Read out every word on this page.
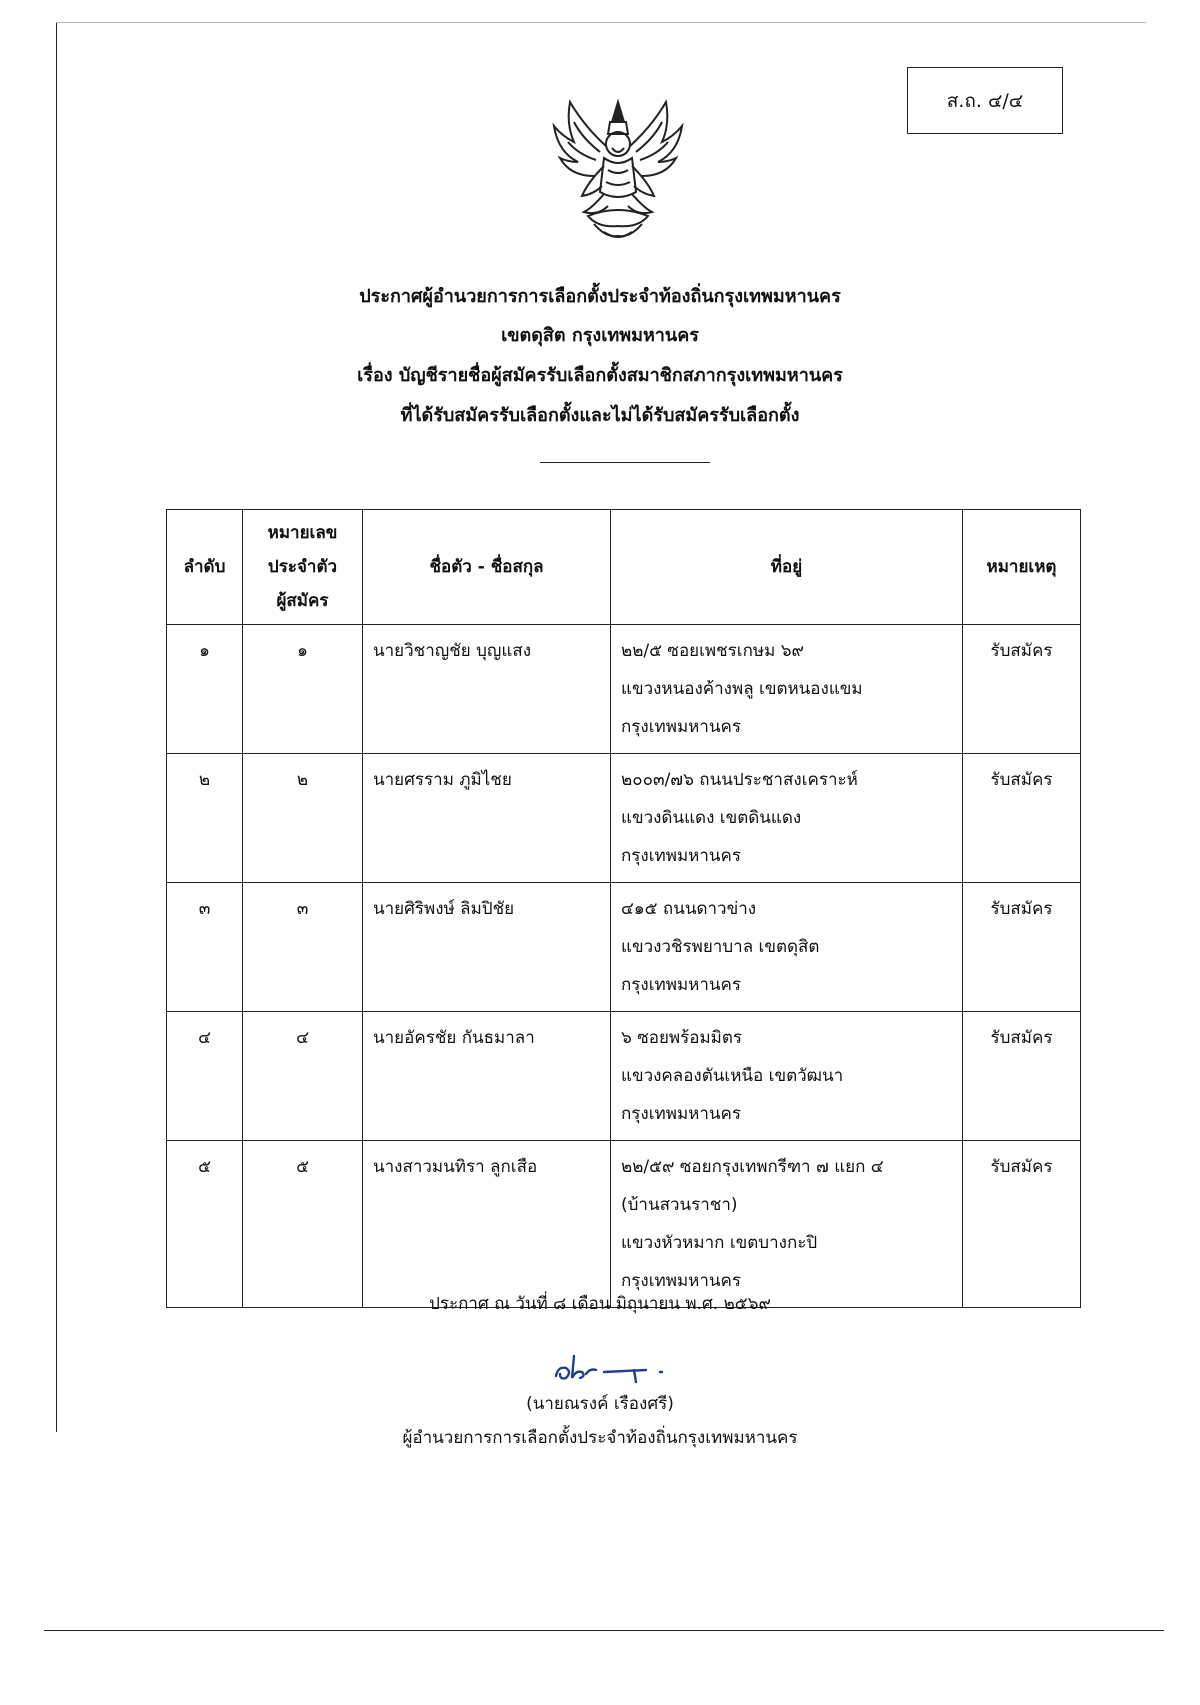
ส.ถ. ๔/๔
ประกาศผู้อำนวยการการเลือกตั้งประจำท้องถิ่นกรุงเทพมหานคร
เขตดุสิต กรุงเทพมหานคร
เรื่อง บัญชีรายชื่อผู้สมัครรับเลือกตั้งสมาชิกสภากรุงเทพมหานคร
ที่ได้รับสมัครรับเลือกตั้งและไม่ได้รับสมัครรับเลือกตั้ง
ลำดับ	หมายเลข
ประจำตัว
ผู้สมัคร	ชื่อตัว - ชื่อสกุล	ที่อยู่	หมายเหตุ
๑	๑	นายวิชาญชัย บุญแสง	๒๒/๕ ซอยเพชรเกษม ๖๙
แขวงหนองค้างพลู เขตหนองแขม
กรุงเทพมหานคร	รับสมัคร
๒	๒	นายศรราม ภูมิไชย	๒๐๐๓/๗๖ ถนนประชาสงเคราะห์
แขวงดินแดง เขตดินแดง
กรุงเทพมหานคร	รับสมัคร
๓	๓	นายศิริพงษ์ ลิมปิชัย	๔๑๕ ถนนดาวข่าง
แขวงวชิรพยาบาล เขตดุสิต
กรุงเทพมหานคร	รับสมัคร
๔	๔	นายอัครชัย กันธมาลา	๖ ซอยพร้อมมิตร
แขวงคลองตันเหนือ เขตวัฒนา
กรุงเทพมหานคร	รับสมัคร
๕	๕	นางสาวมนทิรา ลูกเสือ	๒๒/๕๙ ซอยกรุงเทพกรีฑา ๗ แยก ๔
(บ้านสวนราชา)
แขวงหัวหมาก เขตบางกะปิ
กรุงเทพมหานคร	รับสมัคร
ประกาศ ณ วันที่ ๘ เดือน มิถุนายน พ.ศ. ๒๕๖๙
(นายณรงค์ เรืองศรี)
ผู้อำนวยการการเลือกตั้งประจำท้องถิ่นกรุงเทพมหานคร
